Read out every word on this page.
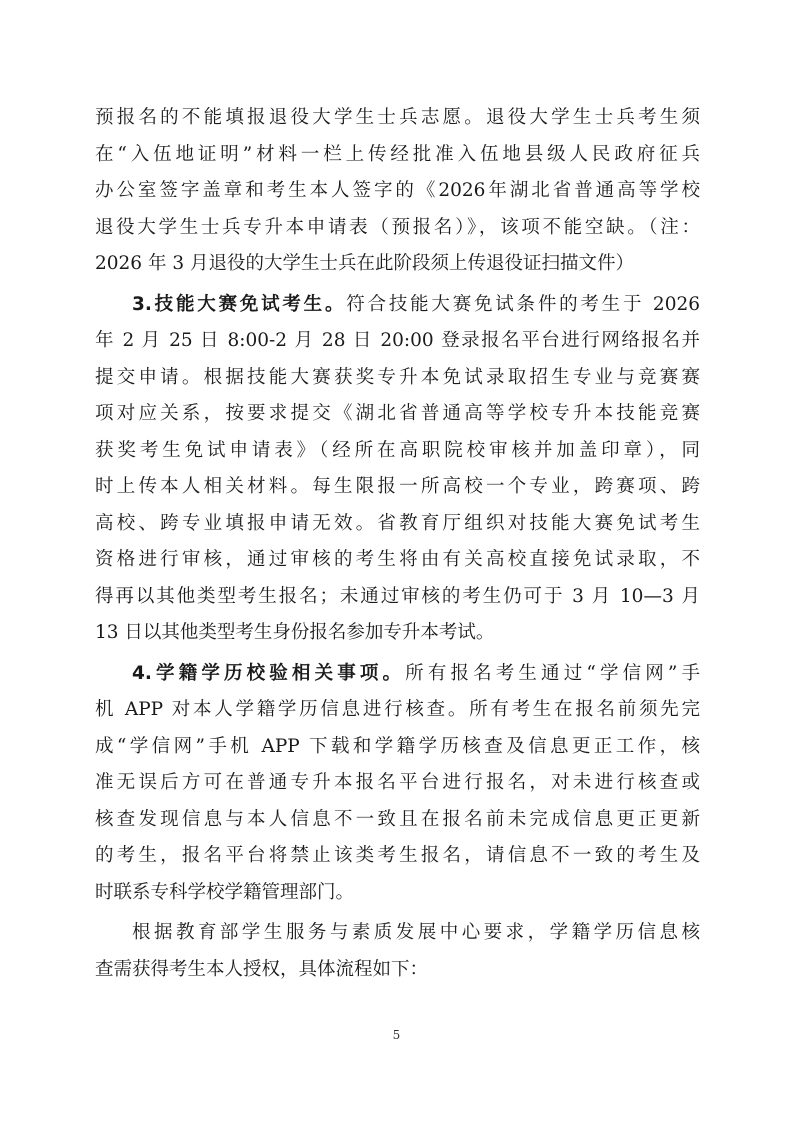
预报名的不能填报退役大学生士兵志愿。退役大学生士兵考生须
在“入伍地证明”材料一栏上传经批准入伍地县级人民政府征兵
办公室签字盖章和考生本人签字的《2026年湖北省普通高等学校
退役大学生士兵专升本申请表（预报名）》，该项不能空缺。（注：
2026 年 3 月退役的大学生士兵在此阶段须上传退役证扫描文件）
3.技能大赛免试考生。符合技能大赛免试条件的考生于 2026
年 2 月 25 日 8:00-2 月 28 日 20:00 登录报名平台进行网络报名并
提交申请。根据技能大赛获奖专升本免试录取招生专业与竞赛赛
项对应关系，按要求提交《湖北省普通高等学校专升本技能竞赛
获奖考生免试申请表》（经所在高职院校审核并加盖印章），同
时上传本人相关材料。每生限报一所高校一个专业，跨赛项、跨
高校、跨专业填报申请无效。省教育厅组织对技能大赛免试考生
资格进行审核，通过审核的考生将由有关高校直接免试录取，不
得再以其他类型考生报名；未通过审核的考生仍可于 3 月 10—3 月
13 日以其他类型考生身份报名参加专升本考试。
4.学籍学历校验相关事项。所有报名考生通过“学信网”手
机 APP 对本人学籍学历信息进行核查。所有考生在报名前须先完
成“学信网”手机 APP 下载和学籍学历核查及信息更正工作，核
准无误后方可在普通专升本报名平台进行报名，对未进行核查或
核查发现信息与本人信息不一致且在报名前未完成信息更正更新
的考生，报名平台将禁止该类考生报名，请信息不一致的考生及
时联系专科学校学籍管理部门。
根据教育部学生服务与素质发展中心要求，学籍学历信息核
查需获得考生本人授权，具体流程如下：
5
